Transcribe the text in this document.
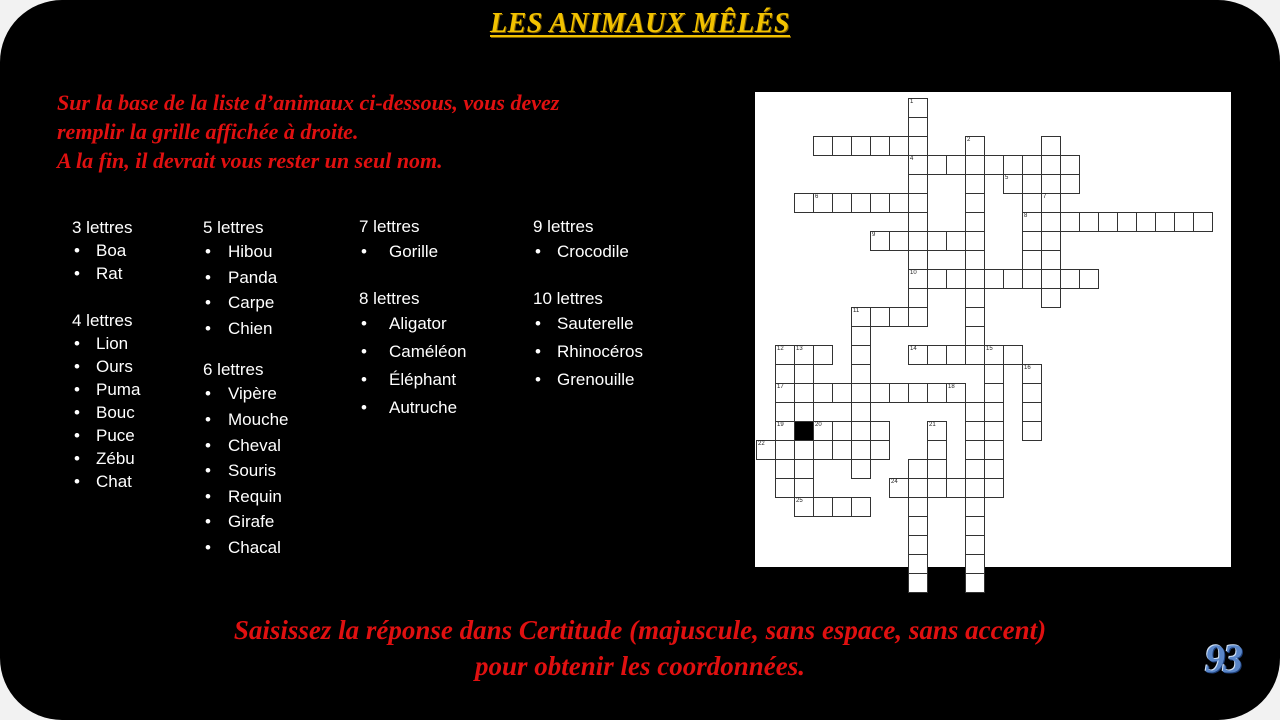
LES ANIMAUX MÊLÉS
Sur la base de la liste d’animaux ci-dessous, vous devez
remplir la grille affichée à droite.
A la fin, il devrait vous rester un seul nom.
3 lettres
• Boa
• Rat
4 lettres
• Lion
• Ours
• Puma
• Bouc
• Puce
• Zébu
• Chat
5 lettres
• Hibou
• Panda
• Carpe
• Chien
6 lettres
• Vipère
• Mouche
• Cheval
• Souris
• Requin
• Girafe
• Chacal
7 lettres
• Gorille
8 lettres
• Aligator
• Caméléon
• Éléphant
• Autruche
9 lettres
• Crocodile
10 lettres
• Sauterelle
• Rhinocéros
• Grenouille
4
5
6
8
9
10
11
12 13	14	15
17	18
19	20
22
24
25
1
2
7
16
21
Saisissez la réponse dans Certitude (majuscule, sans espace, sans accent)
pour obtenir les coordonnées.	93
